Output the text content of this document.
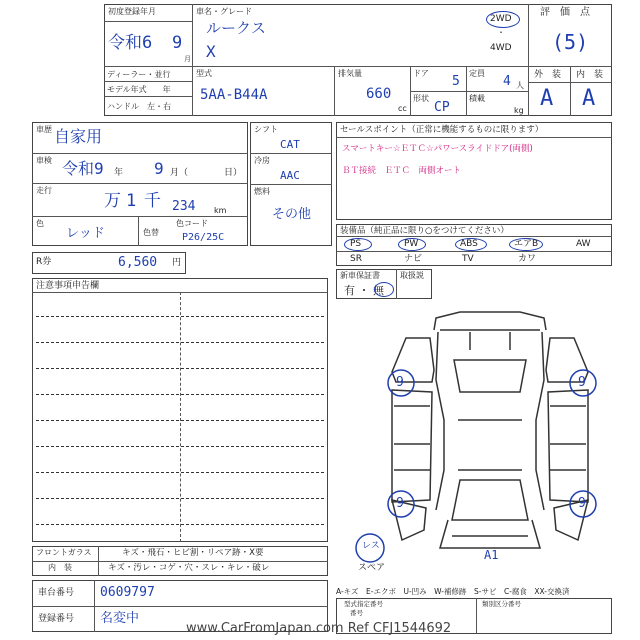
初度登録年月
令和6 9
月
車名・グレード
ルークス
X
2WD
・
4WD
評　価　点
(5)
ディーラー・並行
モデル年式　　年
ハンドル　左・右
型式
5AA-B44A
排気量
660
cc
ドア
5
定員
4 人
形状
CP
積載
kg
外　装 内　装
A A
車歴 自家用
車検 令和9 年 9 月（	日）
走行
万 1 千 234 km
色
レッド	色替
色コード
P26/25C
シフト
CAT
冷房
AAC
燃料
その他
R券	6,560 円
セールスポイント（正常に機能するものに限ります）
スマートキー☆ＥＴＣ☆パワースライドドア(両側)
ＢＴ接続　ＥＴＣ　両側オート
装備品（純正品に限り○をつけてください）
PS	PW	ABS	エアB	AW
SR	ナビ	TV	カワ
新車保証書	取扱説
有 ・ 無
注意事項申告欄
9	9
9	9
A1
レス
スペア
フロントガラス	キズ・飛石・ヒビ割・リペア跡・X要
内　装	キズ・汚レ・コゲ・穴・スレ・キレ・破レ
車台番号 0609797
登録番号 名変中
A-キズ　E-エクボ　U-凹み　W-補修跡　S-サビ　C-腐食　XX-交換済
型式指定番号	類別区分番号
番号
www.CarFromJapan.com Ref CFJ1544692
